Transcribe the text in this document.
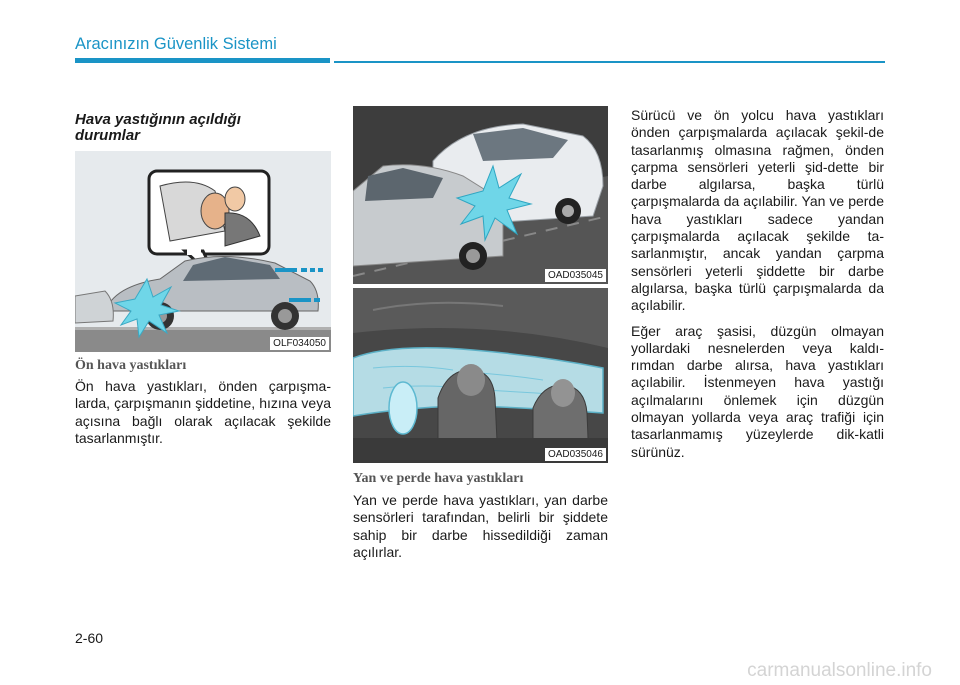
Aracınızın Güvenlik Sistemi
Hava yastığının açıldığı
durumlar
OLF034050
Ön hava yastıkları
Ön hava yastıkları, önden çarpışma-larda, çarpışmanın şiddetine, hızına veya açısına bağlı olarak açılacak şekilde tasarlanmıştır.
OAD035045
OAD035046
Yan ve perde hava yastıkları
Yan ve perde hava yastıkları, yan darbe sensörleri tarafından, belirli bir şiddete sahip bir darbe hissedildiği zaman açılırlar.

Sürücü ve ön yolcu hava yastıkları önden çarpışmalarda açılacak şekil-de tasarlanmış olmasına rağmen, önden çarpma sensörleri yeterli şid-dette bir darbe algılarsa, başka türlü çarpışmalarda da açılabilir. Yan ve perde hava yastıkları sadece yandan çarpışmalarda açılacak şekilde ta-sarlanmıştır, ancak yandan çarpma sensörleri yeterli şiddette bir darbe algılarsa, başka türlü çarpışmalarda da açılabilir.

Eğer araç şasisi, düzgün olmayan yollardaki nesnelerden veya kaldı-rımdan darbe alırsa, hava yastıkları açılabilir. İstenmeyen hava yastığı açılmalarını önlemek için düzgün olmayan yollarda veya araç trafiği için tasarlanmamış yüzeylerde dik-katli sürünüz.

2-60
carmanualsonline.info
